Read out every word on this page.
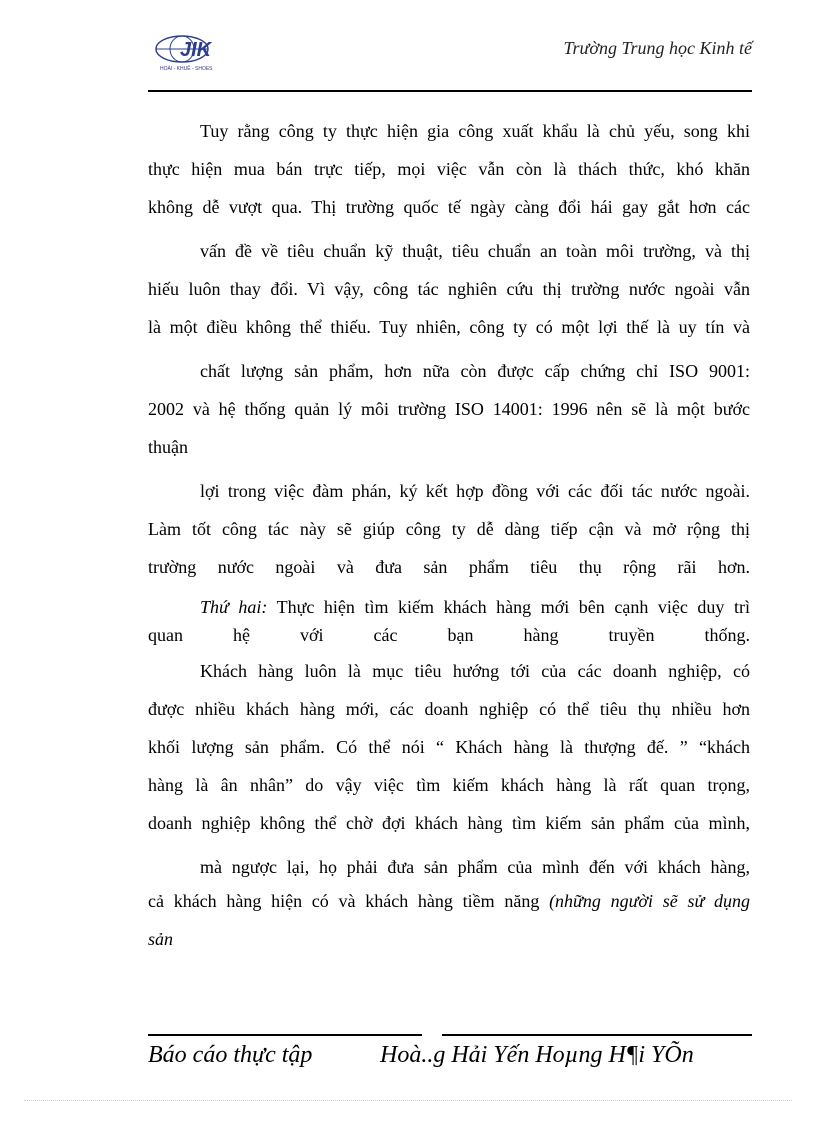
JIK
HOÀI - KHUÊ - SHOES
Trường Trung học Kinh tế
Tuy rằng công ty thực hiện gia công xuất khẩu là chủ yếu, song khi
thực hiện mua bán trực tiếp, mọi việc vẫn còn là thách thức, khó khăn
không dễ vượt qua. Thị trường quốc tế ngày càng đổi hái gay gắt hơn các
vấn đề về tiêu chuẩn kỹ thuật, tiêu chuẩn an toàn môi trường, và thị
hiếu luôn thay đổi. Vì vậy, công tác nghiên cứu thị trường nước ngoài vẫn
là một điều không thể thiếu. Tuy nhiên, công ty có một lợi thế là uy tín và
chất lượng sản phẩm, hơn nữa còn được cấp chứng chỉ ISO 9001:
2002 và hệ thống quản lý môi trường ISO 14001: 1996 nên sẽ là một bước
thuận
lợi trong việc đàm phán, ký kết hợp đồng với các đối tác nước ngoài.
Làm tốt công tác này sẽ giúp công ty dễ dàng tiếp cận và mở rộng thị
trường nước ngoài và đưa sản phẩm tiêu thụ rộng rãi hơn.
Thứ hai: Thực hiện tìm kiếm khách hàng mới bên cạnh việc duy trì
quan hệ với các bạn hàng truyền thống.
Khách hàng luôn là mục tiêu hướng tới của các doanh nghiệp, có
được nhiều khách hàng mới, các doanh nghiệp có thể tiêu thụ nhiều hơn
khối lượng sản phẩm. Có thể nói “ Khách hàng là thượng đế. ” “khách
hàng là ân nhân” do vậy việc tìm kiếm khách hàng là rất quan trọng,
doanh nghiệp không thể chờ đợi khách hàng tìm kiếm sản phẩm của mình,
mà ngược lại, họ phải đưa sản phẩm của mình đến với khách hàng,
cả khách hàng hiện có và khách hàng tiềm năng (những người sẽ sử dụng
sản
Báo cáo thực tập	Hoà..g Hải Yến Hoµng H¶i YÕn
